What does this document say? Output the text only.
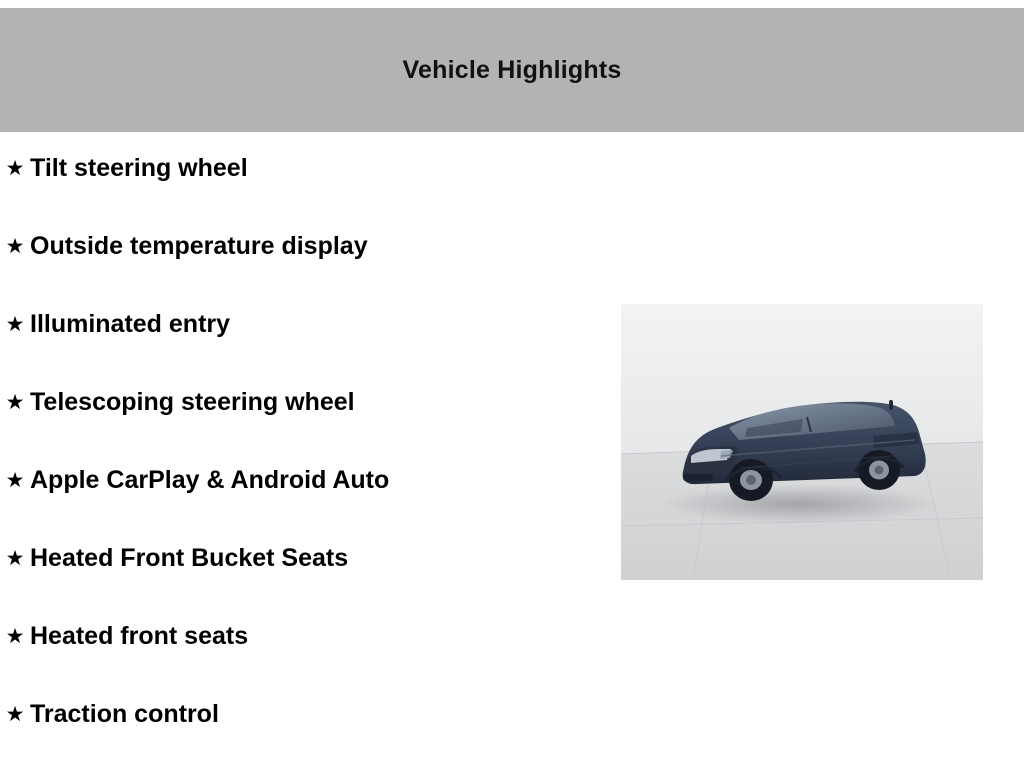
Vehicle Highlights
★ Tilt steering wheel
★ Outside temperature display
★ Illuminated entry
★ Telescoping steering wheel
★ Apple CarPlay & Android Auto
★ Heated Front Bucket Seats
★ Heated front seats
★ Traction control
